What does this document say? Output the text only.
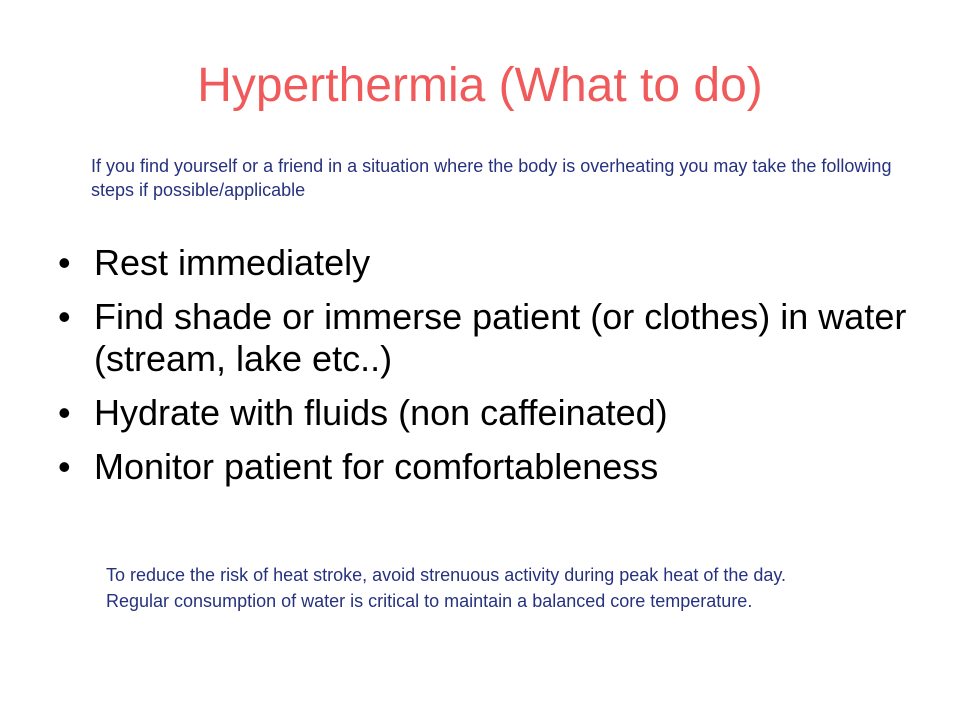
Hyperthermia (What to do)
If you find yourself or a friend in a situation where the body is overheating you may take the following steps if possible/applicable
• Rest immediately
• Find shade or immerse patient (or clothes) in water (stream, lake etc..)
• Hydrate with fluids (non caffeinated)
• Monitor patient for comfortableness
To reduce the risk of heat stroke, avoid strenuous activity during peak heat of the day. Regular consumption of water is critical to maintain a balanced core temperature.
